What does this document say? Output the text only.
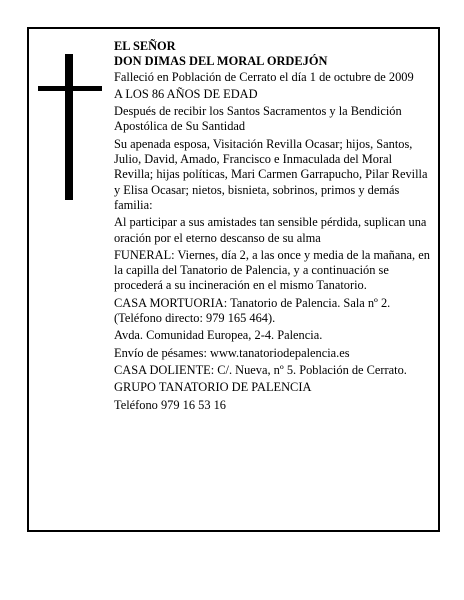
EL SEÑOR

DON DIMAS DEL MORAL ORDEJÓN

Falleció en Población de Cerrato el día 1 de octubre de 2009

A LOS 86 AÑOS DE EDAD

Después de recibir los Santos Sacramentos y la Bendición Apostólica de Su Santidad

Su apenada esposa, Visitación Revilla Ocasar; hijos, Santos, Julio, David, Amado, Francisco e Inmaculada del Moral Revilla; hijas políticas, Mari Carmen Garrapucho, Pilar Revilla y Elisa Ocasar; nietos, bisnieta, sobrinos, primos y demás familia:

Al participar a sus amistades tan sensible pérdida, suplican una oración por el eterno descanso de su alma

FUNERAL: Viernes, día 2, a las once y media de la mañana, en la capilla del Tanatorio de Palencia, y a continuación se procederá a su incineración en el mismo Tanatorio.

CASA MORTUORIA: Tanatorio de Palencia. Sala nº 2. (Teléfono directo: 979 165 464).

Avda. Comunidad Europea, 2-4. Palencia.

Envío de pésames: www.tanatoriodepalencia.es

CASA DOLIENTE: C/. Nueva, nº 5. Población de Cerrato.

GRUPO TANATORIO DE PALENCIA

Teléfono 979 16 53 16
